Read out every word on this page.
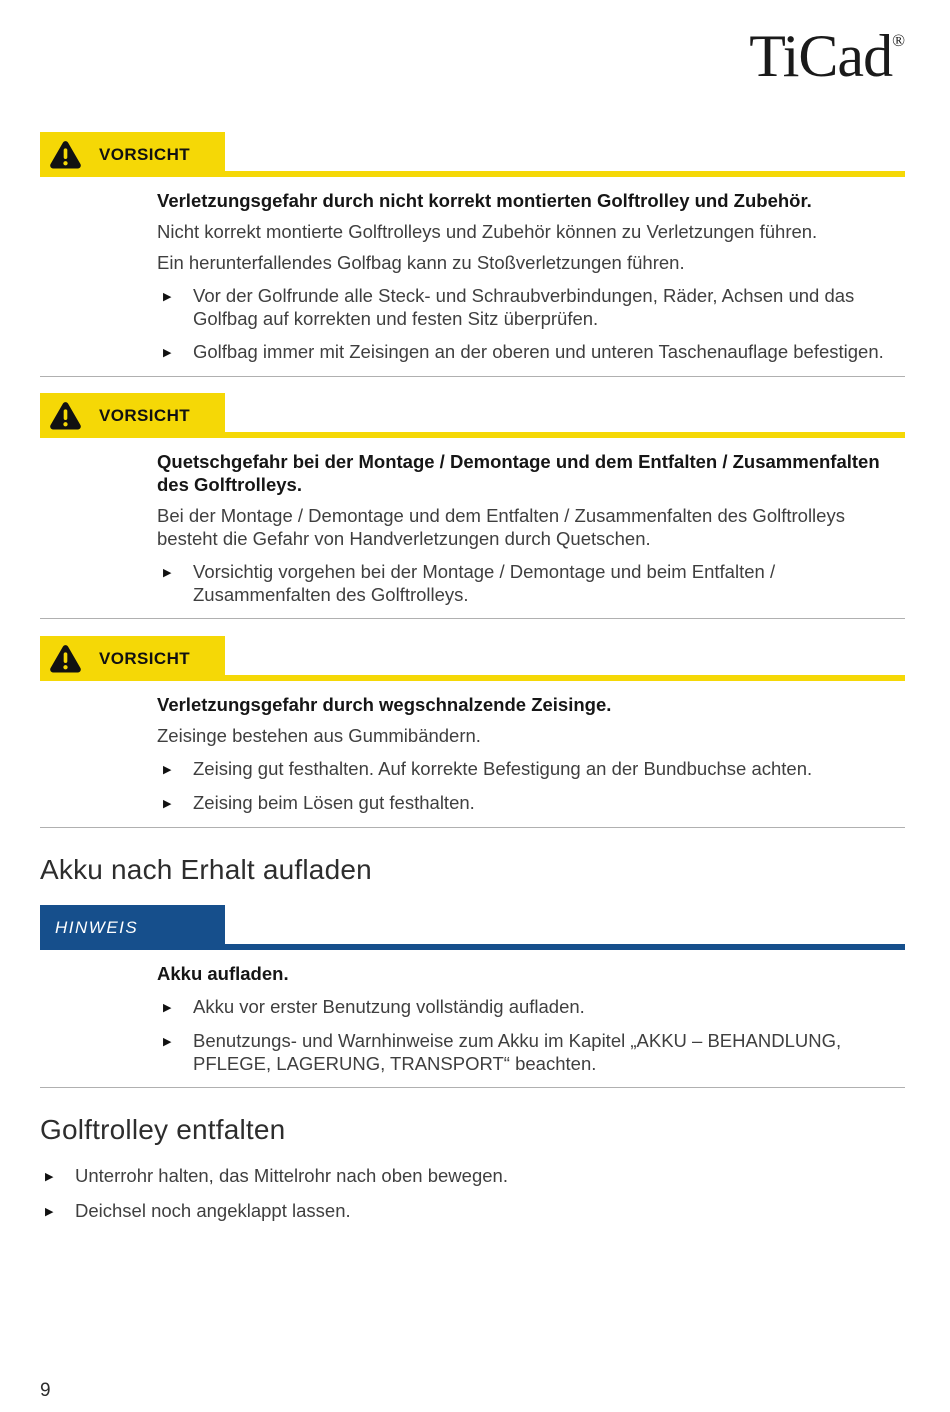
TiCad®
VORSICHT

Verletzungsgefahr durch nicht korrekt montierten Golftrolley und Zubehör.

Nicht korrekt montierte Golftrolleys und Zubehör können zu Verletzungen führen.

Ein herunterfallendes Golfbag kann zu Stoßverletzungen führen.

▶	Vor der Golfrunde alle Steck- und Schraubverbindungen, Räder, Achsen und das Golfbag auf korrekten und festen Sitz überprüfen.
▶	Golfbag immer mit Zeisingen an der oberen und unteren Taschenauflage befestigen.
VORSICHT

Quetschgefahr bei der Montage / Demontage und dem Entfalten / Zusammenfalten des Golftrolleys.

Bei der Montage / Demontage und dem Entfalten / Zusammenfalten des Golftrolleys besteht die Gefahr von Handverletzungen durch Quetschen.

▶	Vorsichtig vorgehen bei der Montage / Demontage und beim Entfalten / Zusammenfalten des Golftrolleys.
VORSICHT

Verletzungsgefahr durch wegschnalzende Zeisinge.

Zeisinge bestehen aus Gummibändern.

▶	Zeising gut festhalten. Auf korrekte Befestigung an der Bundbuchse achten.
▶	Zeising beim Lösen gut festhalten.
Akku nach Erhalt aufladen
HINWEIS

Akku aufladen.

▶	Akku vor erster Benutzung vollständig aufladen.
▶	Benutzungs- und Warnhinweise zum Akku im Kapitel „AKKU – BEHANDLUNG, PFLEGE, LAGERUNG, TRANSPORT“ beachten.
Golftrolley entfalten
▶	Unterrohr halten, das Mittelrohr nach oben bewegen.
▶	Deichsel noch angeklappt lassen.
9
